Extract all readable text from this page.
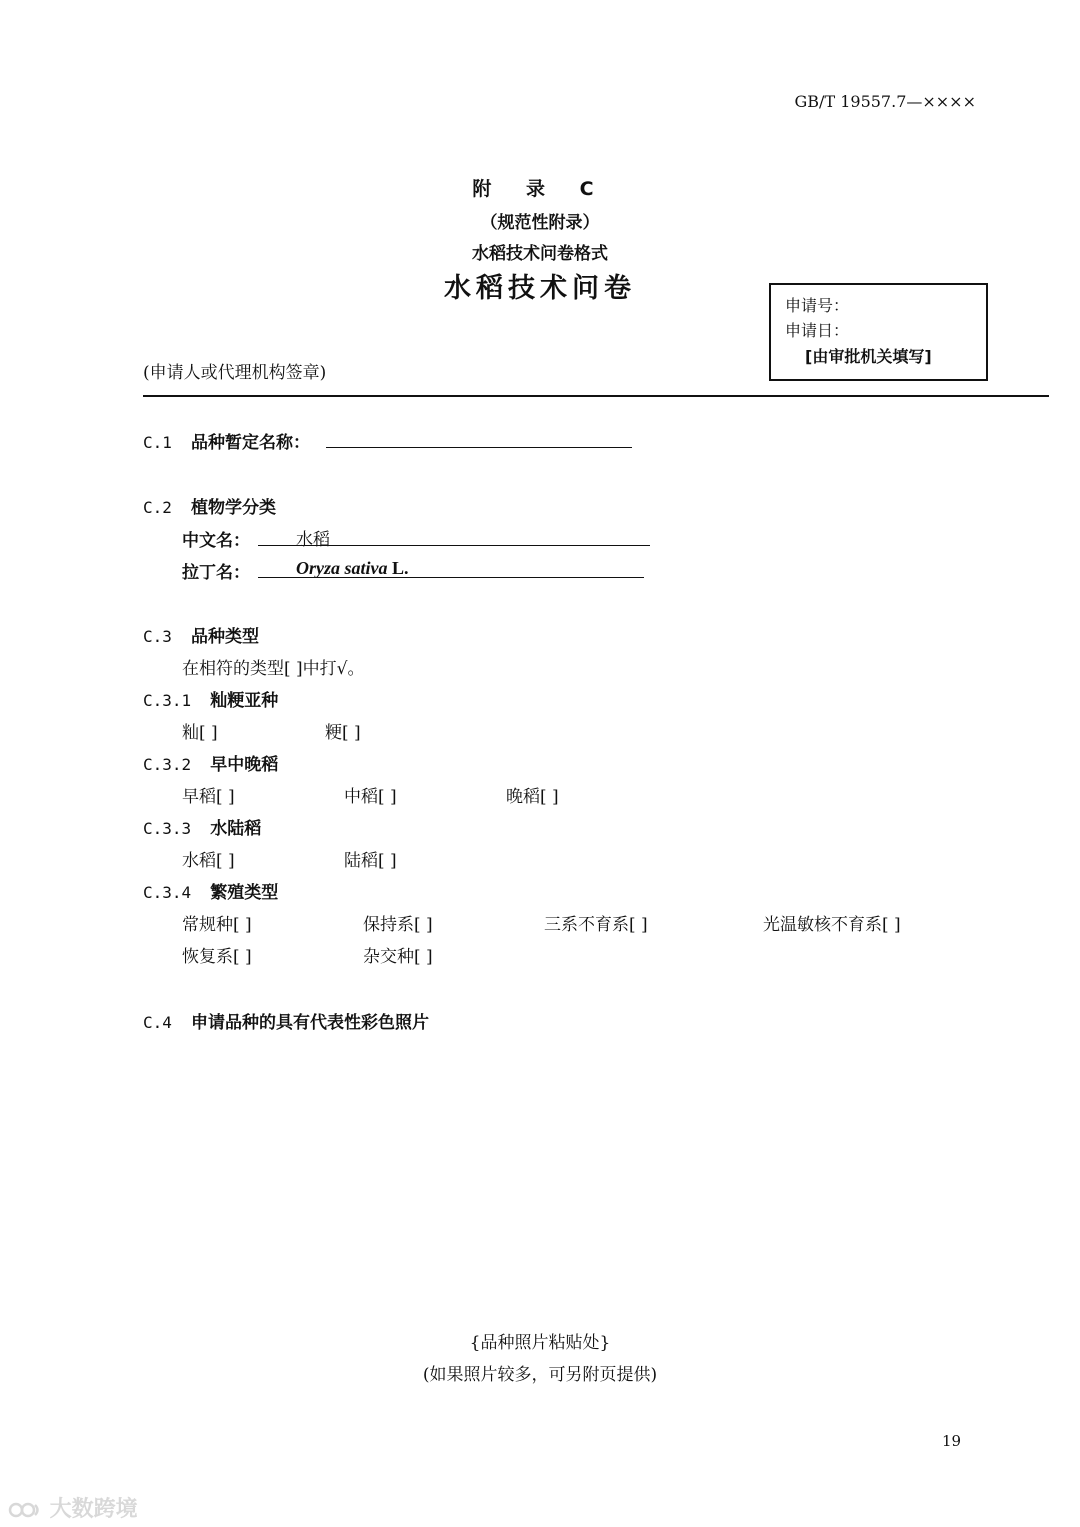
GB/T 19557.7—××××
附 录 C
（规范性附录）
水稻技术问卷格式
水稻技术问卷
申请号：
申请日：
[由审批机关填写]
(申请人或代理机构签章)
C.1 品种暂定名称：
C.2 植物学分类
中文名：	水稻
拉丁名：	Oryza sativa L.
C.3 品种类型
在相符的类型[ ]中打√。
C.3.1 籼粳亚种
籼[ ]	粳[ ]
C.3.2 早中晚稻
早稻[ ]	中稻[ ]	晚稻[ ]
C.3.3 水陆稻
水稻[ ]	陆稻[ ]
C.3.4 繁殖类型
常规种[ ]	保持系[ ]	三系不育系[ ]	光温敏核不育系[ ]
恢复系[ ]	杂交种[ ]
C.4 申请品种的具有代表性彩色照片
{品种照片粘贴处}
(如果照片较多，可另附页提供)
19
大数跨境
